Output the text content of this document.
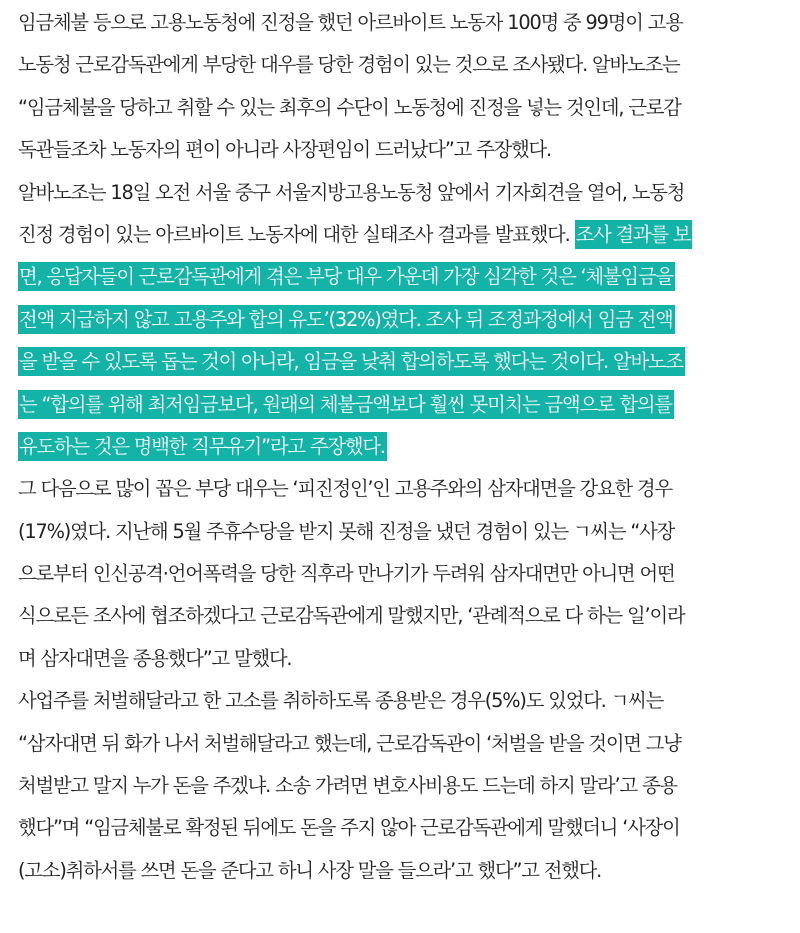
임금체불 등으로 고용노동청에 진정을 했던 아르바이트 노동자 100명 중 99명이 고용
노동청 근로감독관에게 부당한 대우를 당한 경험이 있는 것으로 조사됐다. 알바노조는
“임금체불을 당하고 취할 수 있는 최후의 수단이 노동청에 진정을 넣는 것인데, 근로감
독관들조차 노동자의 편이 아니라 사장편임이 드러났다”고 주장했다.
알바노조는 18일 오전 서울 중구 서울지방고용노동청 앞에서 기자회견을 열어, 노동청
진정 경험이 있는 아르바이트 노동자에 대한 실태조사 결과를 발표했다. 조사 결과를 보
면, 응답자들이 근로감독관에게 겪은 부당 대우 가운데 가장 심각한 것은 ‘체불임금을
전액 지급하지 않고 고용주와 합의 유도’(32%)였다. 조사 뒤 조정과정에서 임금 전액
을 받을 수 있도록 돕는 것이 아니라, 임금을 낮춰 합의하도록 했다는 것이다. 알바노조
는 “합의를 위해 최저임금보다, 원래의 체불금액보다 훨씬 못미치는 금액으로 합의를
유도하는 것은 명백한 직무유기”라고 주장했다.
그 다음으로 많이 꼽은 부당 대우는 ‘피진정인’인 고용주와의 삼자대면을 강요한 경우
(17%)였다. 지난해 5월 주휴수당을 받지 못해 진정을 냈던 경험이 있는 ㄱ씨는 “사장
으로부터 인신공격·언어폭력을 당한 직후라 만나기가 두려워 삼자대면만 아니면 어떤
식으로든 조사에 협조하겠다고 근로감독관에게 말했지만, ‘관례적으로 다 하는 일’이라
며 삼자대면을 종용했다”고 말했다.
사업주를 처벌해달라고 한 고소를 취하하도록 종용받은 경우(5%)도 있었다. ㄱ씨는
“삼자대면 뒤 화가 나서 처벌해달라고 했는데, 근로감독관이 ‘처벌을 받을 것이면 그냥
처벌받고 말지 누가 돈을 주겠냐. 소송 가려면 변호사비용도 드는데 하지 말라’고 종용
했다”며 “임금체불로 확정된 뒤에도 돈을 주지 않아 근로감독관에게 말했더니 ‘사장이
(고소)취하서를 쓰면 돈을 준다고 하니 사장 말을 들으라’고 했다”고 전했다.
